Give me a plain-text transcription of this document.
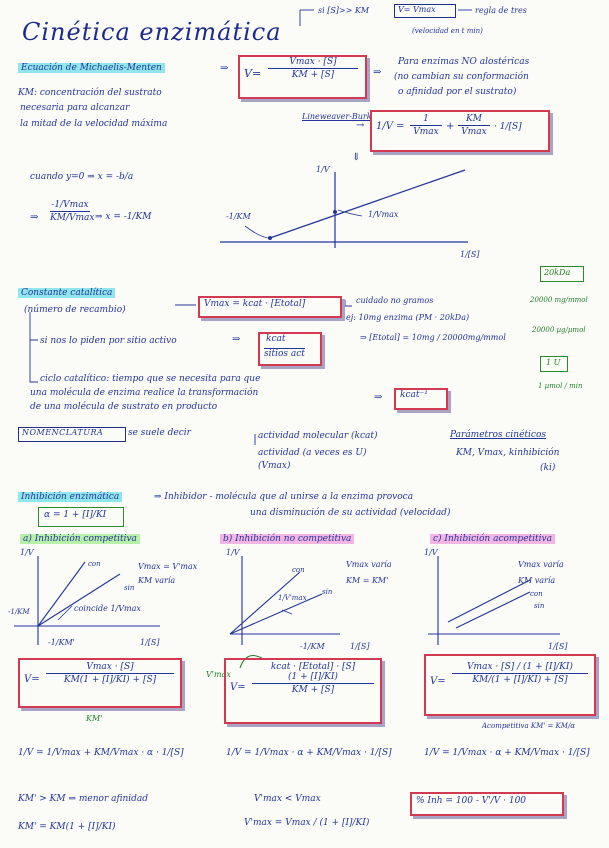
Cinética enzimática
si [S]>> KM	V= Vmax	regla de tres
(velocidad en t min)
Ecuación de Michaelis-Menten	⇒ V=
Vmax · [S]
KM + [S]	⇒
Para enzimas NO alostéricas
(no cambian su conformación
o afinidad por el sustrato)
KM: concentración del sustrato
necesaria para alcanzar
la mitad de la velocidad máxima
Lineweaver-Burk
→ 1/V =
1
Vmax +
KM
Vmax · 1/[S]
cuando y=0 ⇒ x = -b/a
⇒
-1/Vmax
KM/Vmax ⇒ x = -1/KM
⇓
1/V
1/[S]
-1/KM	1/Vmax
Constante catalítica
(número de recambio)
Vmax = kcat · [Etotal]	cuidado no gramos
ej: 10mg enzima (PM · 20kDa)
⇒ [Etotal] = 10mg / 20000mg/mmol
20kDa
20000 mg/mmol
20000 µg/µmol
1 U
1 µmol / min
si nos lo piden por sitio activo	⇒	kcat
sitios act
ciclo catalítico: tiempo que se necesita para que
una molécula de enzima realice la transformación
de una molécula de sustrato en producto
⇒ kcat⁻¹
NOMENCLATURA	se suele decir	actividad molecular (kcat)
actividad (a veces es U)
(Vmax)
Parámetros cinéticos
KM, Vmax, kinhibición
(ki)
Inhibición enzimática	⇒ Inhibidor - molécula que al unirse a la enzima provoca
una disminución de su actividad (velocidad)
α = 1 + [I]/KI
a) Inhibición competitiva	b) Inhibición no competitiva	c) Inhibición acompetitiva
1/V
Vmax = V'max
KM varía
con
sin
coincide 1/Vmax
-1/KM
-1/KM'	1/[S]
1/V
Vmax varía
KM = KM'
con
sin
1/V'max
-1/KM	1/[S]
V'max
1/V
Vmax varía
KM varía
con
sin
1/[S]
V=
Vmax · [S]
KM(1 + [I]/KI) + [S]
KM'
V=
kcat · [Etotal] · [S]
(1 + [I]/KI)
KM + [S]
V=
Vmax · [S] / (1 + [I]/KI)
KM/(1 + [I]/KI) + [S]
Acompetitiva KM' = KM/α
1/V = 1/Vmax + KM/Vmax · α · 1/[S]	1/V = 1/Vmax · α + KM/Vmax · 1/[S]	1/V = 1/Vmax · α + KM/Vmax · 1/[S]
KM' > KM ⇒ menor afinidad
KM' = KM(1 + [I]/KI)
V'max < Vmax
V'max = Vmax / (1 + [I]/KI)
% Inh = 100 - V'/V · 100
